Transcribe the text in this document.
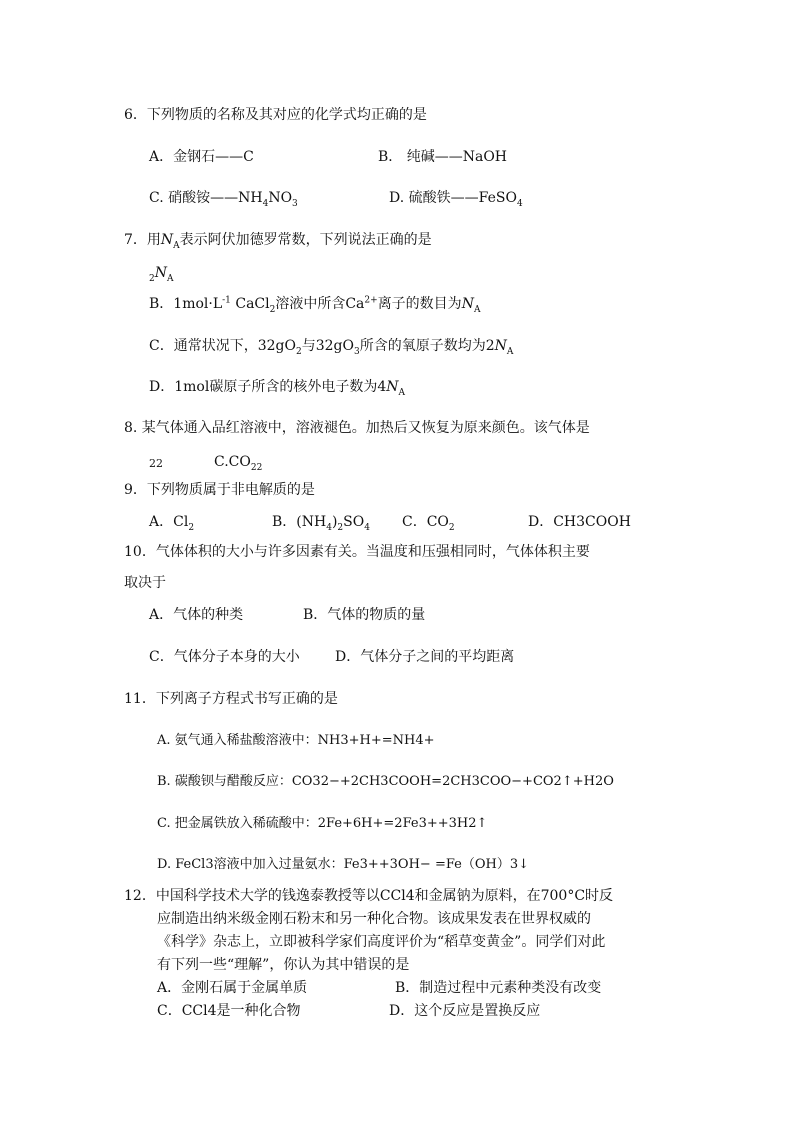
6．下列物质的名称及其对应的化学式均正确的是
A．金钢石——C	B． 纯碱——NaOH
C. 硝酸铵$——NH_4NO_3$	D. 硫酸铁——FeSO$_4$
7．用$N_A$表示阿伏加德罗常数，下列说法正确的是
$_2N_A$
B．$1mol\cdot L^{-1}$ CaCl$_2$溶液中所含$Ca^{2+}$离子的数目为$N_A$
C．通常状况下，$32gO_2$与$32gO_3$所含的氧原子数均为$2N_A$
D．1mol碳原子所含的核外电子数为$4N_A$
8. 某气体通入品红溶液中，溶液褪色。加热后又恢复为原来颜色。该气体是
22	$C.CO_{22}$
9．下列物质属于非电解质的是
A．$Cl_2$	B．$(NH_4)_2SO_4$ C．$CO_2$	D．CH3COOH
10．气体体积的大小与许多因素有关。当温度和压强相同时，气体体积主要
取决于
A．气体的种类	B．气体的物质的量
C．气体分子本身的大小	D．气体分子之间的平均距离
11．下列离子方程式书写正确的是
A. 氨气通入稀盐酸溶液中：NH3+H+=NH4+
B. 碳酸钡与醋酸反应：CO32−+2CH3COOH=2CH3COO−+CO2↑+H2O
C. 把金属铁放入稀硫酸中：2Fe+6H+=2Fe3++3H2↑
D. FeCl3溶液中加入过量氨水：Fe3++3OH− =Fe（OH）3↓
12．中国科学技术大学的钱逸泰教授等以CCl4和金属钠为原料，在700°C时反
应制造出纳米级金刚石粉末和另一种化合物。该成果发表在世界权威的
《科学》杂志上，立即被科学家们高度评价为“稻草变黄金”。同学们对此
有下列一些“理解”，你认为其中错误的是
A．金刚石属于金属单质	B．制造过程中元素种类没有改变
C．CCl4是一种化合物	D．这个反应是置换反应
